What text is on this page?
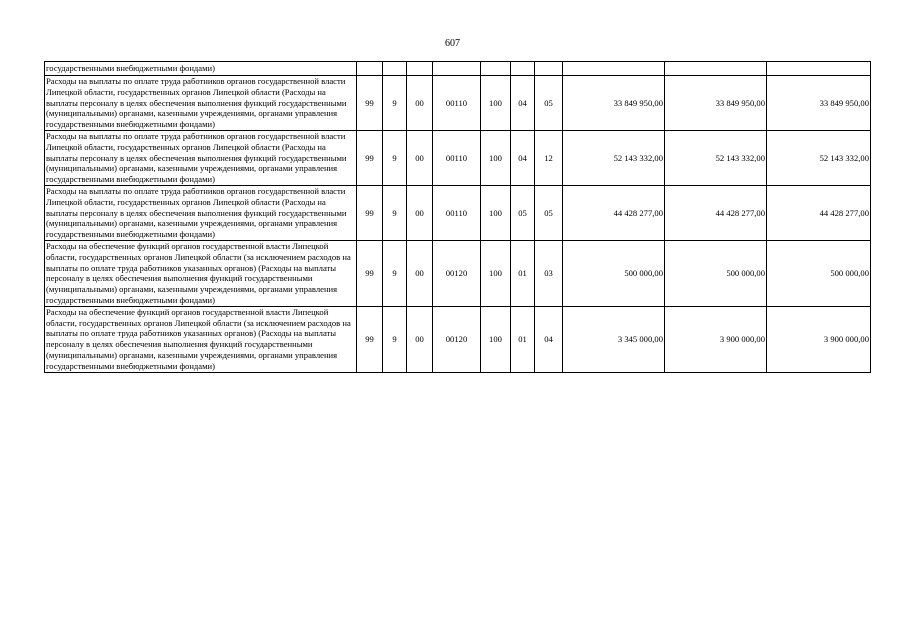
607
государственными внебюджетными фондами)										
Расходы на выплаты по оплате труда работников органов государственной власти Липецкой области, государственных органов Липецкой области (Расходы на выплаты персоналу в целях обеспечения выполнения функций государственными (муниципальными) органами, казенными учреждениями, органами управления государственными внебюджетными фондами)	99	9	00	00110	100	04	05	33 849 950,00	33 849 950,00	33 849 950,00
Расходы на выплаты по оплате труда работников органов государственной власти Липецкой области, государственных органов Липецкой области (Расходы на выплаты персоналу в целях обеспечения выполнения функций государственными (муниципальными) органами, казенными учреждениями, органами управления государственными внебюджетными фондами)	99	9	00	00110	100	04	12	52 143 332,00	52 143 332,00	52 143 332,00
Расходы на выплаты по оплате труда работников органов государственной власти Липецкой области, государственных органов Липецкой области (Расходы на выплаты персоналу в целях обеспечения выполнения функций государственными (муниципальными) органами, казенными учреждениями, органами управления государственными внебюджетными фондами)	99	9	00	00110	100	05	05	44 428 277,00	44 428 277,00	44 428 277,00
Расходы на обеспечение функций органов государственной власти Липецкой области, государственных органов Липецкой области (за исключением расходов на выплаты по оплате труда работников указанных органов) (Расходы на выплаты персоналу в целях обеспечения выполнения функций государственными (муниципальными) органами, казенными учреждениями, органами управления государственными внебюджетными фондами)	99	9	00	00120	100	01	03	500 000,00	500 000,00	500 000,00
Расходы на обеспечение функций органов государственной власти Липецкой области, государственных органов Липецкой области (за исключением расходов на выплаты по оплате труда работников указанных органов) (Расходы на выплаты персоналу в целях обеспечения выполнения функций государственными (муниципальными) органами, казенными учреждениями, органами управления государственными внебюджетными фондами)	99	9	00	00120	100	01	04	3 345 000,00	3 900 000,00	3 900 000,00
